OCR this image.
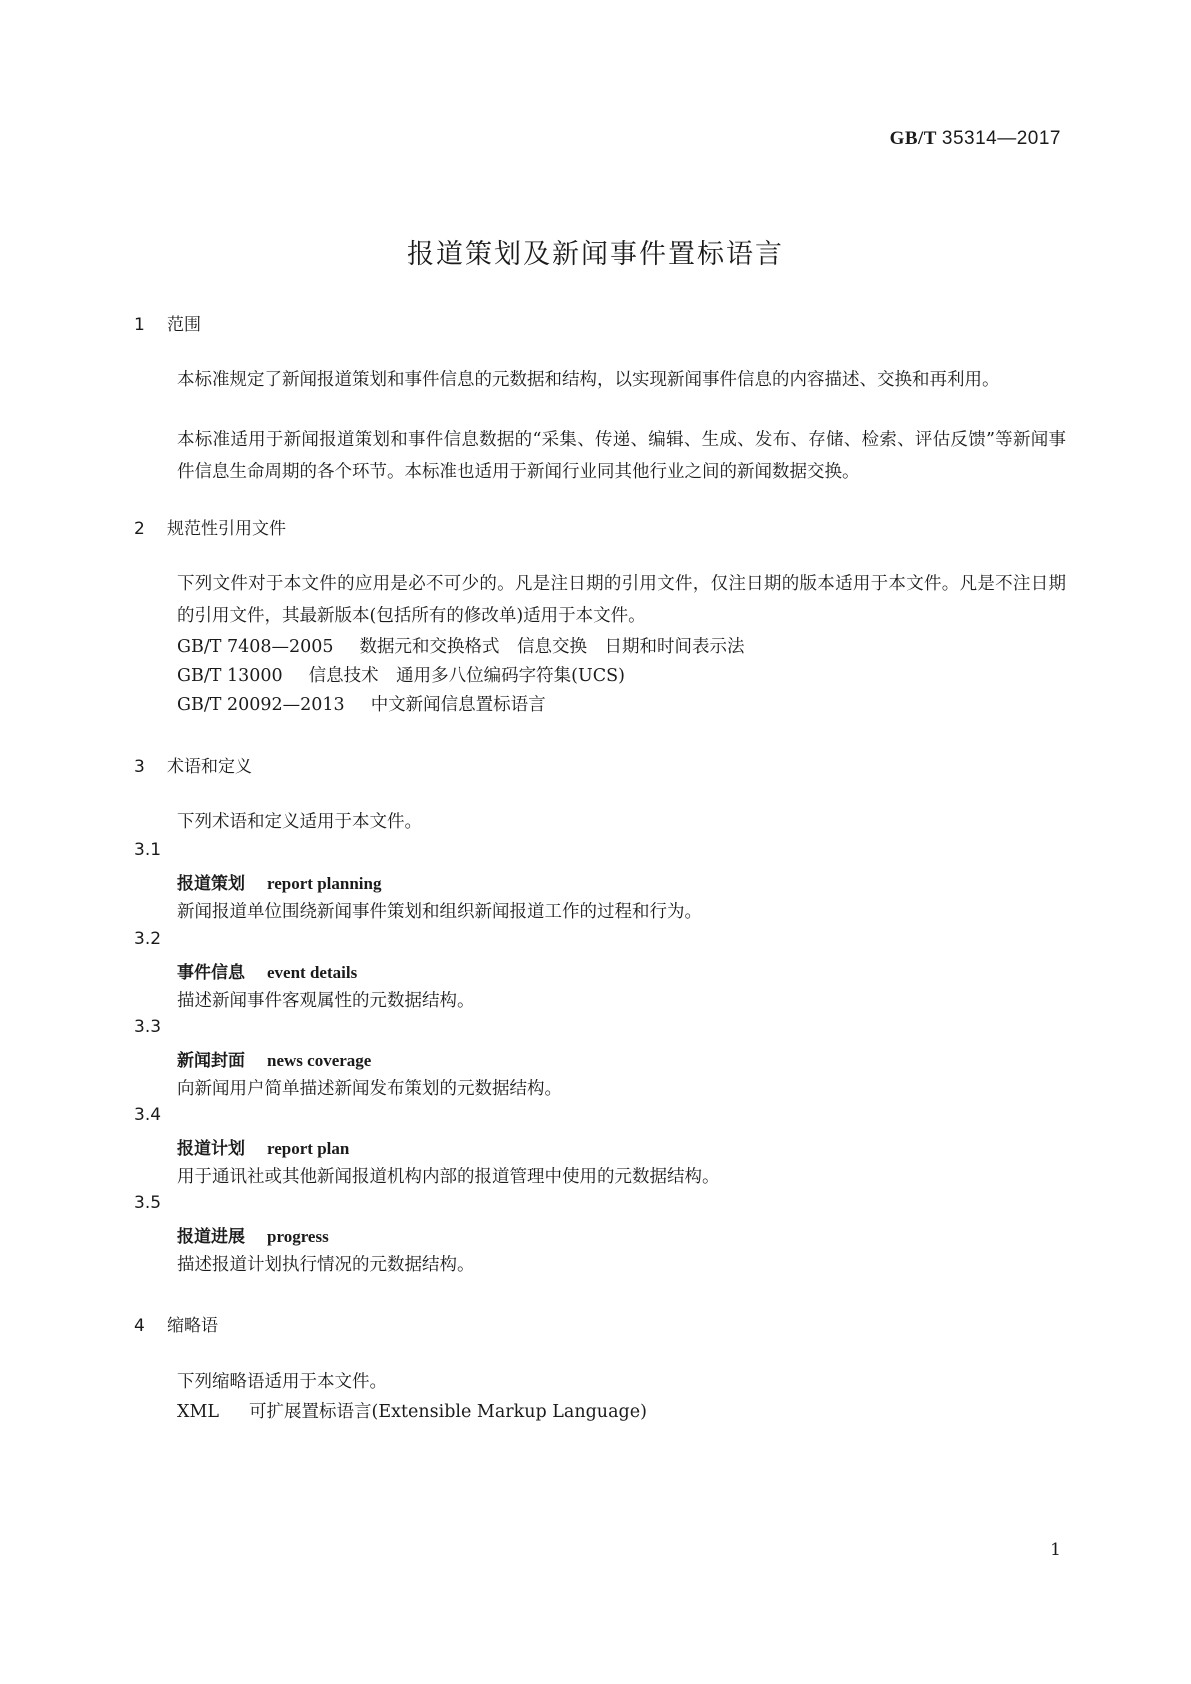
GB/T 35314—2017
报道策划及新闻事件置标语言
1 范围
本标准规定了新闻报道策划和事件信息的元数据和结构，以实现新闻事件信息的内容描述、交换和再利用。
本标准适用于新闻报道策划和事件信息数据的“采集、传递、编辑、生成、发布、存储、检索、评估反馈”等新闻事件信息生命周期的各个环节。本标准也适用于新闻行业同其他行业之间的新闻数据交换。
2 规范性引用文件
下列文件对于本文件的应用是必不可少的。凡是注日期的引用文件，仅注日期的版本适用于本文件。凡是不注日期的引用文件，其最新版本(包括所有的修改单)适用于本文件。
GB/T 7408—2005 数据元和交换格式　信息交换　日期和时间表示法
GB/T 13000 信息技术　通用多八位编码字符集(UCS)
GB/T 20092—2013 中文新闻信息置标语言
3 术语和定义
下列术语和定义适用于本文件。
3.1
报道策划 report planning
新闻报道单位围绕新闻事件策划和组织新闻报道工作的过程和行为。
3.2
事件信息 event details
描述新闻事件客观属性的元数据结构。
3.3
新闻封面 news coverage
向新闻用户简单描述新闻发布策划的元数据结构。
3.4
报道计划 report plan
用于通讯社或其他新闻报道机构内部的报道管理中使用的元数据结构。
3.5
报道进展 progress
描述报道计划执行情况的元数据结构。
4 缩略语
下列缩略语适用于本文件。
XML 可扩展置标语言(Extensible Markup Language)
1
